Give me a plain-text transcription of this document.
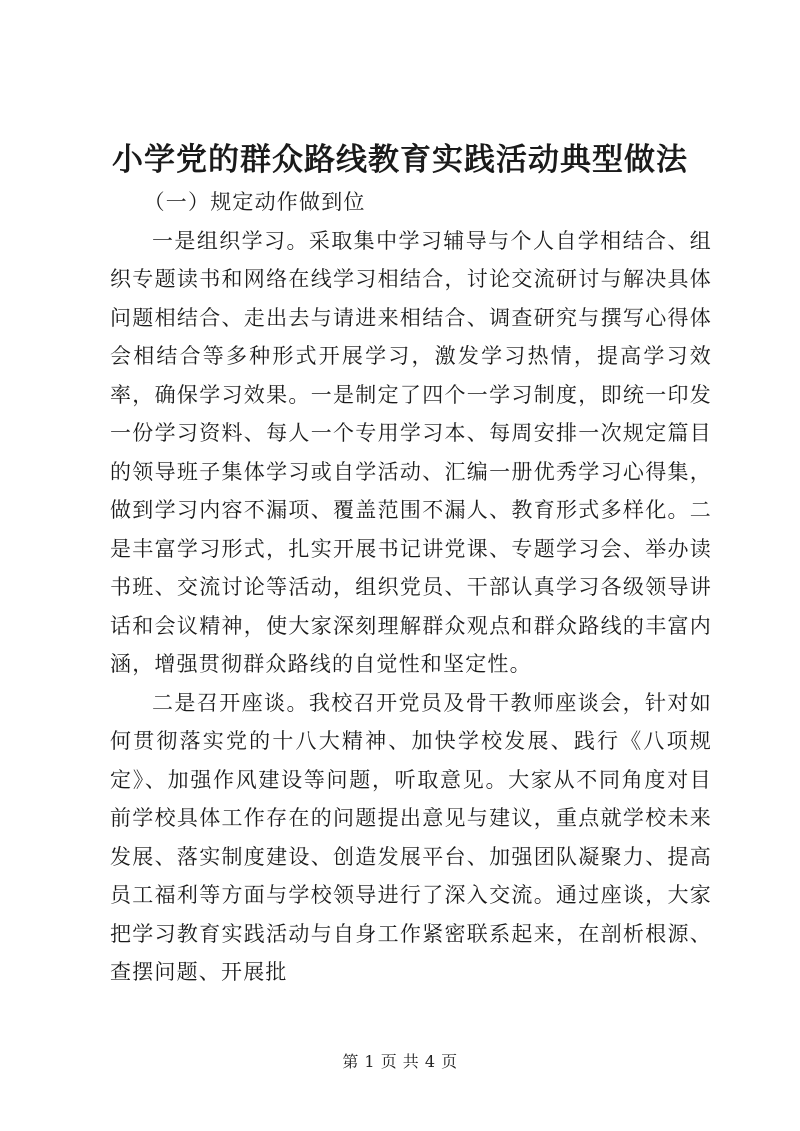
小学党的群众路线教育实践活动典型做法

（一）规定动作做到位

一是组织学习。采取集中学习辅导与个人自学相结合、组织专题读书和网络在线学习相结合，讨论交流研讨与解决具体问题相结合、走出去与请进来相结合、调查研究与撰写心得体会相结合等多种形式开展学习，激发学习热情，提高学习效率，确保学习效果。一是制定了四个一学习制度，即统一印发一份学习资料、每人一个专用学习本、每周安排一次规定篇目的领导班子集体学习或自学活动、汇编一册优秀学习心得集，做到学习内容不漏项、覆盖范围不漏人、教育形式多样化。二是丰富学习形式，扎实开展书记讲党课、专题学习会、举办读书班、交流讨论等活动，组织党员、干部认真学习各级领导讲话和会议精神，使大家深刻理解群众观点和群众路线的丰富内涵，增强贯彻群众路线的自觉性和坚定性。

二是召开座谈。我校召开党员及骨干教师座谈会，针对如何贯彻落实党的十八大精神、加快学校发展、践行《八项规定》、加强作风建设等问题，听取意见。大家从不同角度对目前学校具体工作存在的问题提出意见与建议，重点就学校未来发展、落实制度建设、创造发展平台、加强团队凝聚力、提高员工福利等方面与学校领导进行了深入交流。通过座谈，大家把学习教育实践活动与自身工作紧密联系起来，在剖析根源、查摆问题、开展批

第 1 页 共 4 页
